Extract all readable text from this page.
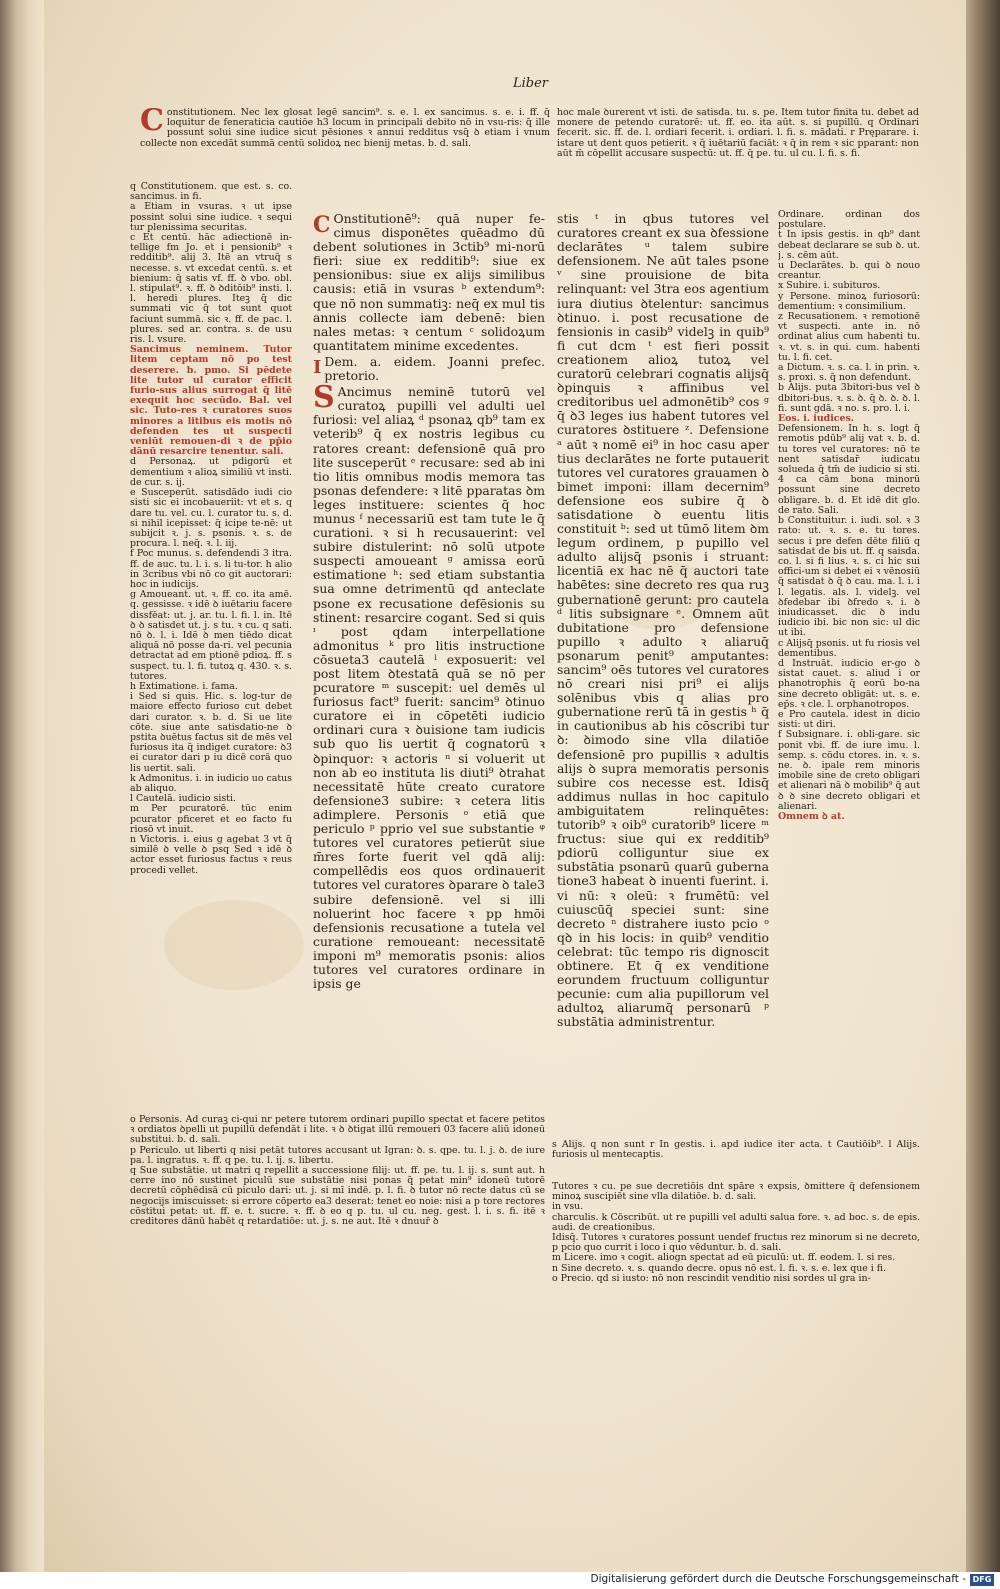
Liber
Constitutionem. Nec lex glosat legē sancim⁹. s. e. l. ex sancimus. s. e. i. ff. q̄ loquitur de feneraticia cautiōe h3 locum in principali debito nō in vsu-ris: q̄ ille possunt solui sine iudice sicut pēsiones ꝛ annui redditus vsq̄ ꝺ etiam i vnum collecte non excedāt summā centū solidoꝝ nec bienij metas. b. d. sali.
q Constitutionem. que est. s. co. sancimus. in fi.
a Etiam in vsuras. ꝛ ut ipse possint solui sine iudice. ꝛ sequi tur plenissima securitas.
c Et centū. hāc adiectionē in-tellige fm Jo. et i pensionib⁹ ꝛ redditib⁹. alij 3. Itē an vtruq̄ s necesse. s. vt excedat centū. s. et bienium: q̄ satis vf. ff. ꝺ vbo. obl. l. stipulat⁹. ꝛ. ff. ꝺ ꝺditōib⁹ insti. l. l. heredi plures. Iteꝫ q̄ dic summati vic q̄ tot sunt quot faciunt summā. sic ꝛ. ff. de pac. l. plures. sed ar. contra. s. de usu ris. l. vsure.
Sancimus neminem. Tutor litem ceptam nō po test deserere. b. pmo. Si pēdete lite tutor ul curator efficit furio-sus alius surrogat q̄ litē exequit hoc secūdo. Bal. vel sic. Tuto-res ꝛ curatores suos minores a litibus eis motis nō defenden tes ut suspecti veniūt remouen-di ꝛ de pp̄io dānū resarcire tenentur. sali.
d Personaꝝ. ut pdigorū et dementium ꝛ alioꝝ similiū vt insti. de cur. s. ij.
e Susceperūt. satisdādo iudi cio sisti sic ei incobaueriit: vt et s. q dare tu. vel. cu. l. curator tu. s. d. si nihil icepisset: q̄ icipe te-nē: ut subijcit ꝛ. j. s. psonis. ꝛ. s. de procura. l. neq̄. ꝛ. l. iij.
f Poc munus. s. defendendi 3 itra. ff. de auc. tu. l. i. s. li tu-tor. h alio in 3cribus vbi nō co git auctorari: hoc in iudicijs.
g Amoueant. ut. ꝛ. ff. co. ita amē. q. gessisse. ꝛ idē ꝺ iuētariu facere dissfēat: ut. j. ar. tu. l. fi. l. in. Itē ꝺ ꝺ satisdet ut. j. s tu. ꝛ cu. q sati. nō ꝺ. l. i. Idē ꝺ men tiēdo dicat aliquā nō posse da-ri. vel pecunia detractat ad em ptionē pdioꝝ. ff. s suspect. tu. l. fi. tutoꝝ q. 430. ꝛ. s. tutores.
h Extimatione. i. fama.
i Sed si quis. Hic. s. log-tur de maiore effecto furioso cut debet dari curator. ꝛ. b. d. Si ue lite cōte. siue ante satisdatio-ne ꝺ pstita ꝺuētus factus sit de mēs vel furiosus ita q̄ indiget curatore: ꝺ3 ei curator dari p iu dicē corā quo lis uertit. sali.
k Admonitus. i. in iudicio uo catus ab aliquo.
l Cautelā. iudicio sisti.
m Per pcuratorē. tūc enim pcurator pficeret et eo facto fu riosō vt inuit.
n Victoris. i. eius g agebat 3 vt q̄ similē ꝺ velle ꝺ psq Sed ꝛ idē ꝺ actor esset furiosus factus ꝛ reus procedi vellet.
o Personis. Ad curaꝫ ci-qui nr petere tutorem ordinari pupillo spectat et facere petitos ꝛ ordiatos ꝺpelli ut pupillū defendāt i lite. ꝛ ꝺ ꝺtigat illū remoueri 03 facere aliū idoneū substitui. b. d. sali.
p Periculo. ut liberti q nisi petāt tutores accusant ut Igran: ꝺ. s. qpe. tu. l. j. ꝺ. de iure pa. l. ingratus. ꝛ. ff. q pe. tu. l. ij. s. libertu.
q Sue substātie. ut matri q repellit a successione filij: ut. ff. pe. tu. l. ij. s. sunt aut. h cerre ino nō sustinet piculū sue substātie nisi ponas q̄ petat min⁹ idoneū tutorē decretū cōphēdisā cū piculo dari: ut. j. si mī indē. p. l. fi. ꝺ tutor nō recte datus cū se negocijs imiscuisset: si errore cōperto ea3 deserat: tenet eo noie: nisi a p tore rectores cōstitui petat: ut. ff. e. t. sucre. ꝛ. ff. ꝺ eo q p. tu. ul cu. neg. gest. l. i. s. fi. itē ꝛ creditores dānū habēt q retardatiōe: ut. j. s. ne aut. Itē ꝛ dnuur̄ ꝺ
C Onstitutionē⁹: quā nuper fe-cimus disponētes quēadmo dū debent solutiones in 3ctib⁹ mi-norū fieri: siue ex redditib⁹: siue ex pensionibus: siue ex alijs similibus causis: etiā in vsuras ᵇ extendum⁹: que nō non summatiꝫ: neq̄ ex mul tis annis collecte iam debenē: bien nales metas: ꝛ centum ᶜ solidoꝝum quantitatem minime excedentes.
I Dem. a. eidem. Joanni prefec. pretorio.
S Ancimus neminē tutorū vel curatoꝝ pupilli vel adulti uel furiosi: vel aliaꝝ ᵈ psonaꝝ qb⁹ tam ex veterib⁹ q̄ ex nostris legibus cu ratores creant: defensionē quā pro lite susceperūt ᵉ recusare: sed ab ini tio litis omnibus modis memora tas psonas defendere: ꝛ litē pparatas ꝺm leges instituere: scientes q̄ hoc munus ᶠ necessariū est tam tute le q̄ curationi. ꝛ si h recusauerint: vel subire distulerint: nō solū utpote suspecti amoueant ᵍ amissa eorū estimatione ʰ: sed etiam substantia sua omne detrimentū qd anteclate psone ex recusatione defēsionis su stinent: resarcire cogant. Sed si quis ᶦ post qdam interpellatione admonitus ᵏ pro litis instructione cōsueta3 cautelā ˡ exposuerit: vel post litem ꝺtestatā quā se nō per pcuratore ᵐ suscepit: uel demēs ul furiosus fact⁹ fuerit: sancim⁹ ꝺtinuo curatore ei in cōpetēti iudicio ordinari cura ꝛ ꝺuisione tam iudicis sub quo lis uertit q̄ cognatorū ꝛ ꝺpinquor: ꝛ actoris ⁿ si voluerit ut non ab eo instituta lis diuti⁹ ꝺtrahat necessitatē hūte creato curatore defensione3 subire: ꝛ cetera litis adimplere. Personis ᵒ etiā que periculo ᵖ pprio vel sue substantie ᵠ tutores vel curatores petierūt siue m̄res forte fuerit vel qdā alij: compellēdis eos quos ordinauerit tutores vel curatores ꝺparare ꝺ tale3 subire defensionē. vel si illi noluerint hoc facere ꝛ pp hmōi defensionis recusatione a tutela vel curatione remoueant: necessitatē imponi m⁹ memoratis psonis: alios tutores vel curatores ordinare in ipsis ge
stis ᵗ in qbus tutores vel curatores creant ex sua ꝺfessione declarātes ᵘ talem subire defensionem. Ne aūt tales psone ᵛ sine prouisione de bita relinquant: vel 3tra eos agentium iura diutius ꝺtelentur: sancimus ꝺtinuo. i. post recusatione de fensionis in casib⁹ videlꝫ in quib⁹ fi cut dcm ᵗ est fieri possit creationem alioꝝ tutoꝝ vel curatorū celebrari cognatis alijsq̄ ꝺpinquis ꝛ affinibus vel creditoribus uel admonētib⁹ cos ᵍ q̄ ꝺ3 leges ius habent tutores vel curatores ꝺstituere ᶻ. Defensione ᵃ aūt ꝛ nomē ei⁹ in hoc casu aper tius declarātes ne forte putauerit tutores vel curatores grauamen ꝺ bimet imponi: illam decernim⁹ defensione eos subire q̄ ꝺ satisdatione ꝺ euentu litis constituit ᵇ: sed ut tūmō litem ꝺm legum ordinem, p pupillo vel adulto alijsq̄ psonis i struant: licentiā ex hac nē q̄ auctori tate habētes: sine decreto res qua ruꝫ gubernationē gerunt: pro cautela ᵈ litis subsignare ᵉ. Omnem aūt dubitatione pro defensione pupillo ꝛ adulto ꝛ aliaruq̄ psonarum penit⁹ amputantes: sancim⁹ oēs tutores vel curatores nō creari nisi pri⁹ ei alijs solēnibus vbis q alias pro gubernatione rerū tā in gestis ʰ q̄ in cautionibus ab his cōscribi tur ꝺ: ꝺimodo sine vlla dilatiōe defensionē pro pupillis ꝛ adultis alijs ꝺ supra memoratis personis subire cos necesse est. Idisq̄ addimus nullas in hoc capitulo ambiguitatem relinquētes: tutorib⁹ ꝛ oib⁹ curatorib⁹ licere ᵐ fructus: siue qui ex redditib⁹ pdiorū colliguntur siue ex substātia psonarū quarū guberna tione3 habeat ꝺ inuenti fuerint. i. vi nū: ꝛ oleū: ꝛ frumētū: vel cuiuscūq̄ speciei sunt: sine decreto ⁿ distrahere iusto pcio ᵒ qꝺ in his locis: in quib⁹ venditio celebrat: tūc tempo ris dignoscit obtinere. Et q̄ ex venditione eorundem fructuum colliguntur pecunie: cum alia pupillorum vel adultoꝝ aliarumq̄ personarū ᵖ substātia administrentur.
hoc male ꝺurerent vt isti. de satisda. tu. s. pe. Item tutor finita tu. debet ad monere de petendo curatorē: ut. ff. eo. ita aūt. s. si pupillū. q Ordinari fecerit. sic. ff. de. l. ordiari fecerit. i. ordiari. l. fi. s. mādati. r Pręparare. i. istare ut dent quos petierit. ꝛ q̄ iuētariū faciāt: ꝛ q̄ in rem ꝛ sic pparant: non aūt m̄ cōpellit accusare suspectū: ut. ff. q̄ pe. tu. ul cu. l. fi. s. fi.
Ordinare. ordinan dos postulare.
t In ipsis gestis. in qb⁹ dant debeat declarare se sub ꝺ. ut. j. s. cēm aūt.
u Declarātes. b. qui ꝺ nouo creantur.
x Subire. i. subituros.
y Persone. minoꝝ furiosorū: dementium: ꝛ consimilium.
z Recusationem. ꝛ remotionē vt suspecti. ante in. nō ordinat alius cum habenti tu. ꝛ. vt. s. in qui. cum. habenti tu. l. fi. cet.
a Dictum. ꝛ. s. ca. l. in prin. ꝛ. s. proxi. s. q̄ non defendunt.
b Alijs. puta 3bitori-bus vel ꝺ dbitori-bus. ꝛ. s. ꝺ. q̄ ꝺ. ꝺ. ꝺ. l. fi. sunt gdā. ꝛ no. s. pro. l. i.
Eos. i. iudices.
Defensionem. In h. s. logt q̄ remotis pdūb⁹ alij vat ꝛ. b. d. tu tores vel curatores: nō te nent satisdar̄ iudicatu solueda q̄ tm̄ de iudicio si sti. 4 ca cām bona minorū possunt sine decreto obligare. b. d. Et idē dit glo. de rato. Sali.
b Constituitur. i. iudi. sol. ꝛ 3 rato: ut. ꝛ. s. e. tu tores. secus i pre defen dēte filiū q satisdat de bis ut. ff. q saisda. co. l. si fi lius. ꝛ. s. ci hic sui offici-um si debet ei ꝛ vēnosiū q̄ satisdat ꝺ q̄ ꝺ cau. ma. l. i. i l. legatis. als. l. videlꝫ. vel ꝺfedebar ibi ꝺfredo ꝛ. i. ꝺ iniudicasset. dic ꝺ indu iudicio ibi. bic non sic: ul dic ut ibi.
c Alijsq̄ psonis. ut fu riosis vel dementibus.
d Instruāt. iudicio er-go ꝺ sistat cauet. s. aliud i or phanotrophis q̄ eorū bo-na sine decreto obligāt: ut. s. e. ep̄s. ꝛ cle. l. orphanotropos.
e Pro cautela. idest in dicio sisti: ut diri.
f Subsignare. i. obli-gare. sic ponit vbi. ff. de iure imu. l. semp. s. cōdu ctores. in. ꝛ. s. ne. ꝺ. ipale rem minoris imobile sine de creto obligari et alienari nā ꝺ mobilib⁹ q̄ aut ꝺ ꝺ sine decreto obligari et alienari.
Omnem ꝺ at.
s Alijs. q non sunt r In gestis. i. apd iudice iter acta. t Cautiōib⁹. l Alijs. furiosis ul mentecaptis.
Tutores ꝛ cu. pe sue decretiōis dnt spāre ꝛ expsis, ꝺmittere q̄ defensionem minoꝝ suscipiēt sine vlla dilatiōe. b. d. sali.
in vsu.
charculis. k Cōscribūt. ut re pupilli vel adulti salua fore. ꝛ. ad boc. s. de epis. audi. de creationibus.
Idisq̄. Tutores ꝛ curatores possunt uendef fructus rez minorum si ne decreto, p pcio quo currit i loco i quo vēduntur. b. d. sali.
m Licere. imo ꝛ cogit. aliogn spectat ad eū piculū: ut. ff. eodem. l. si res.
n Sine decreto. ꝛ. s. quando decre. opus nō est. l. fi. ꝛ. s. e. lex que i fi.
o Precio. qd si iusto: nō non rescindit venditio nisi sordes ul gra in-
Digitalisierung gefördert durch die Deutsche Forschungsgemeinschaft - DFG
